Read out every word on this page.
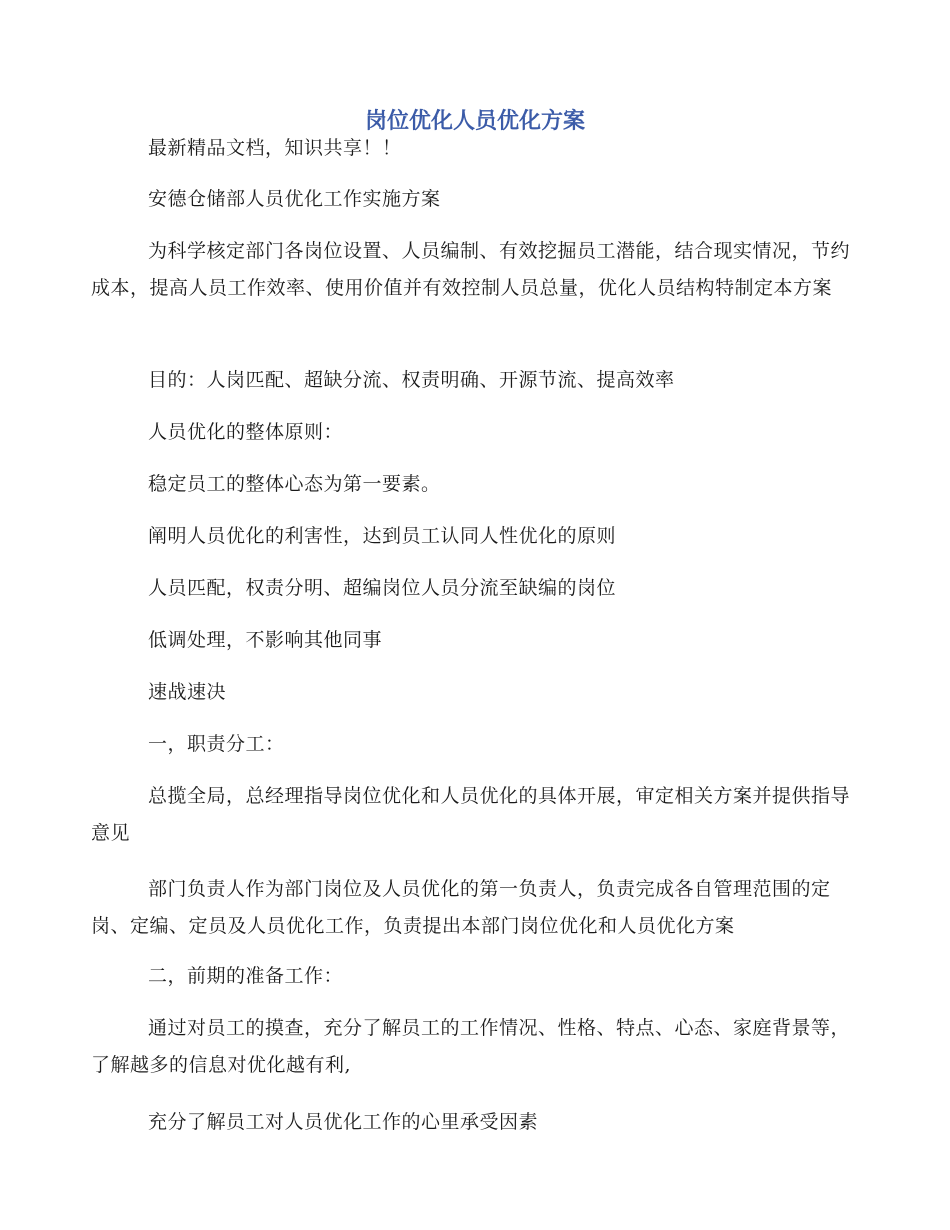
岗位优化人员优化方案
最新精品文档，知识共享！！
安德仓储部人员优化工作实施方案
为科学核定部门各岗位设置、人员编制、有效挖掘员工潜能，结合现实情况，节约成本，提高人员工作效率、使用价值并有效控制人员总量，优化人员结构特制定本方案
目的：人岗匹配、超缺分流、权责明确、开源节流、提高效率
人员优化的整体原则：
稳定员工的整体心态为第一要素。
阐明人员优化的利害性，达到员工认同人性优化的原则
人员匹配，权责分明、超编岗位人员分流至缺编的岗位
低调处理，不影响其他同事
速战速决
一，职责分工：
总揽全局，总经理指导岗位优化和人员优化的具体开展，审定相关方案并提供指导意见
部门负责人作为部门岗位及人员优化的第一负责人，负责完成各自管理范围的定岗、定编、定员及人员优化工作，负责提出本部门岗位优化和人员优化方案
二，前期的准备工作：
通过对员工的摸查，充分了解员工的工作情况、性格、特点、心态、家庭背景等，了解越多的信息对优化越有利,
充分了解员工对人员优化工作的心里承受因素
